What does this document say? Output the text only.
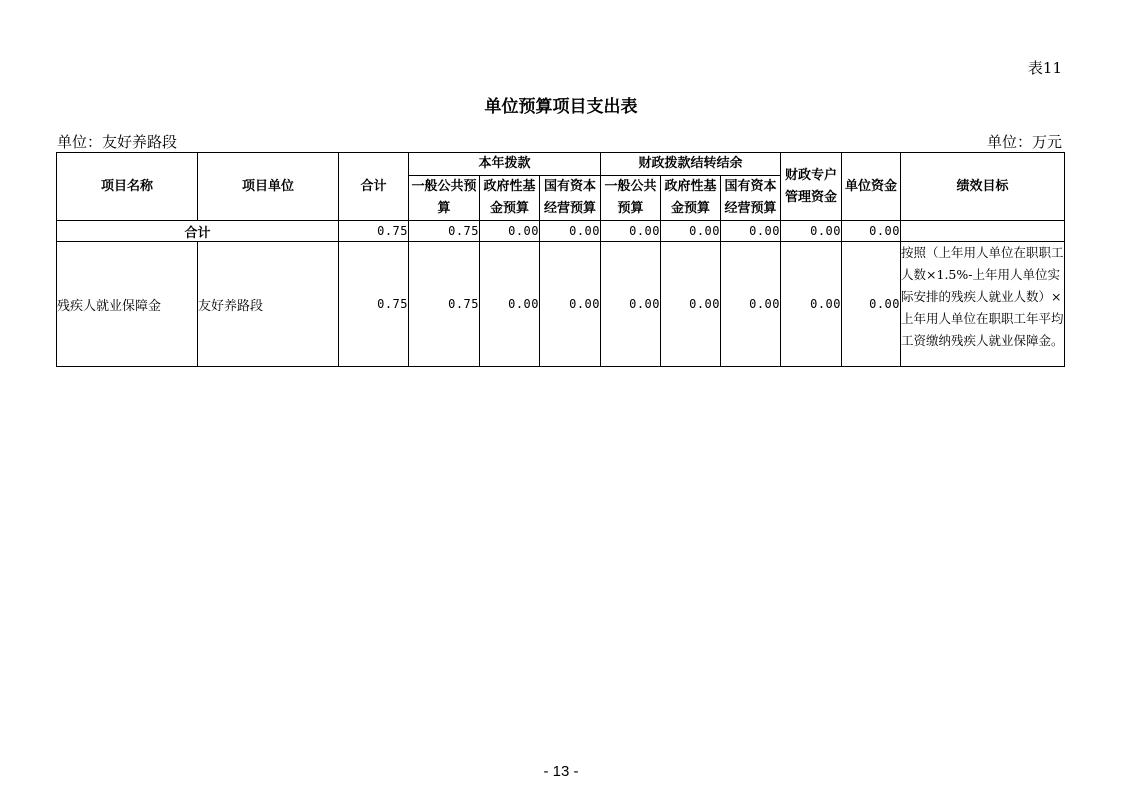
表11
单位预算项目支出表
单位：友好养路段	单位：万元
项目名称	项目单位	合计	本年拨款			财政拨款结转结余			财政专户管理资金	单位资金	绩效目标
			一般公共预算	政府性基金预算	国有资本经营预算	一般公共预算	政府性基金预算	国有资本经营预算			

合计		0.75	0.75	0.00	0.00	0.00	0.00	0.00	0.00	0.00	
残疾人就业保障金	友好养路段	0.75	0.75	0.00	0.00	0.00	0.00	0.00	0.00	0.00	按照（上年用人单位在职职工人数×1.5%-上年用人单位实际安排的残疾人就业人数）×上年用人单位在职职工年平均工资缴纳残疾人就业保障金。
- 13 -
